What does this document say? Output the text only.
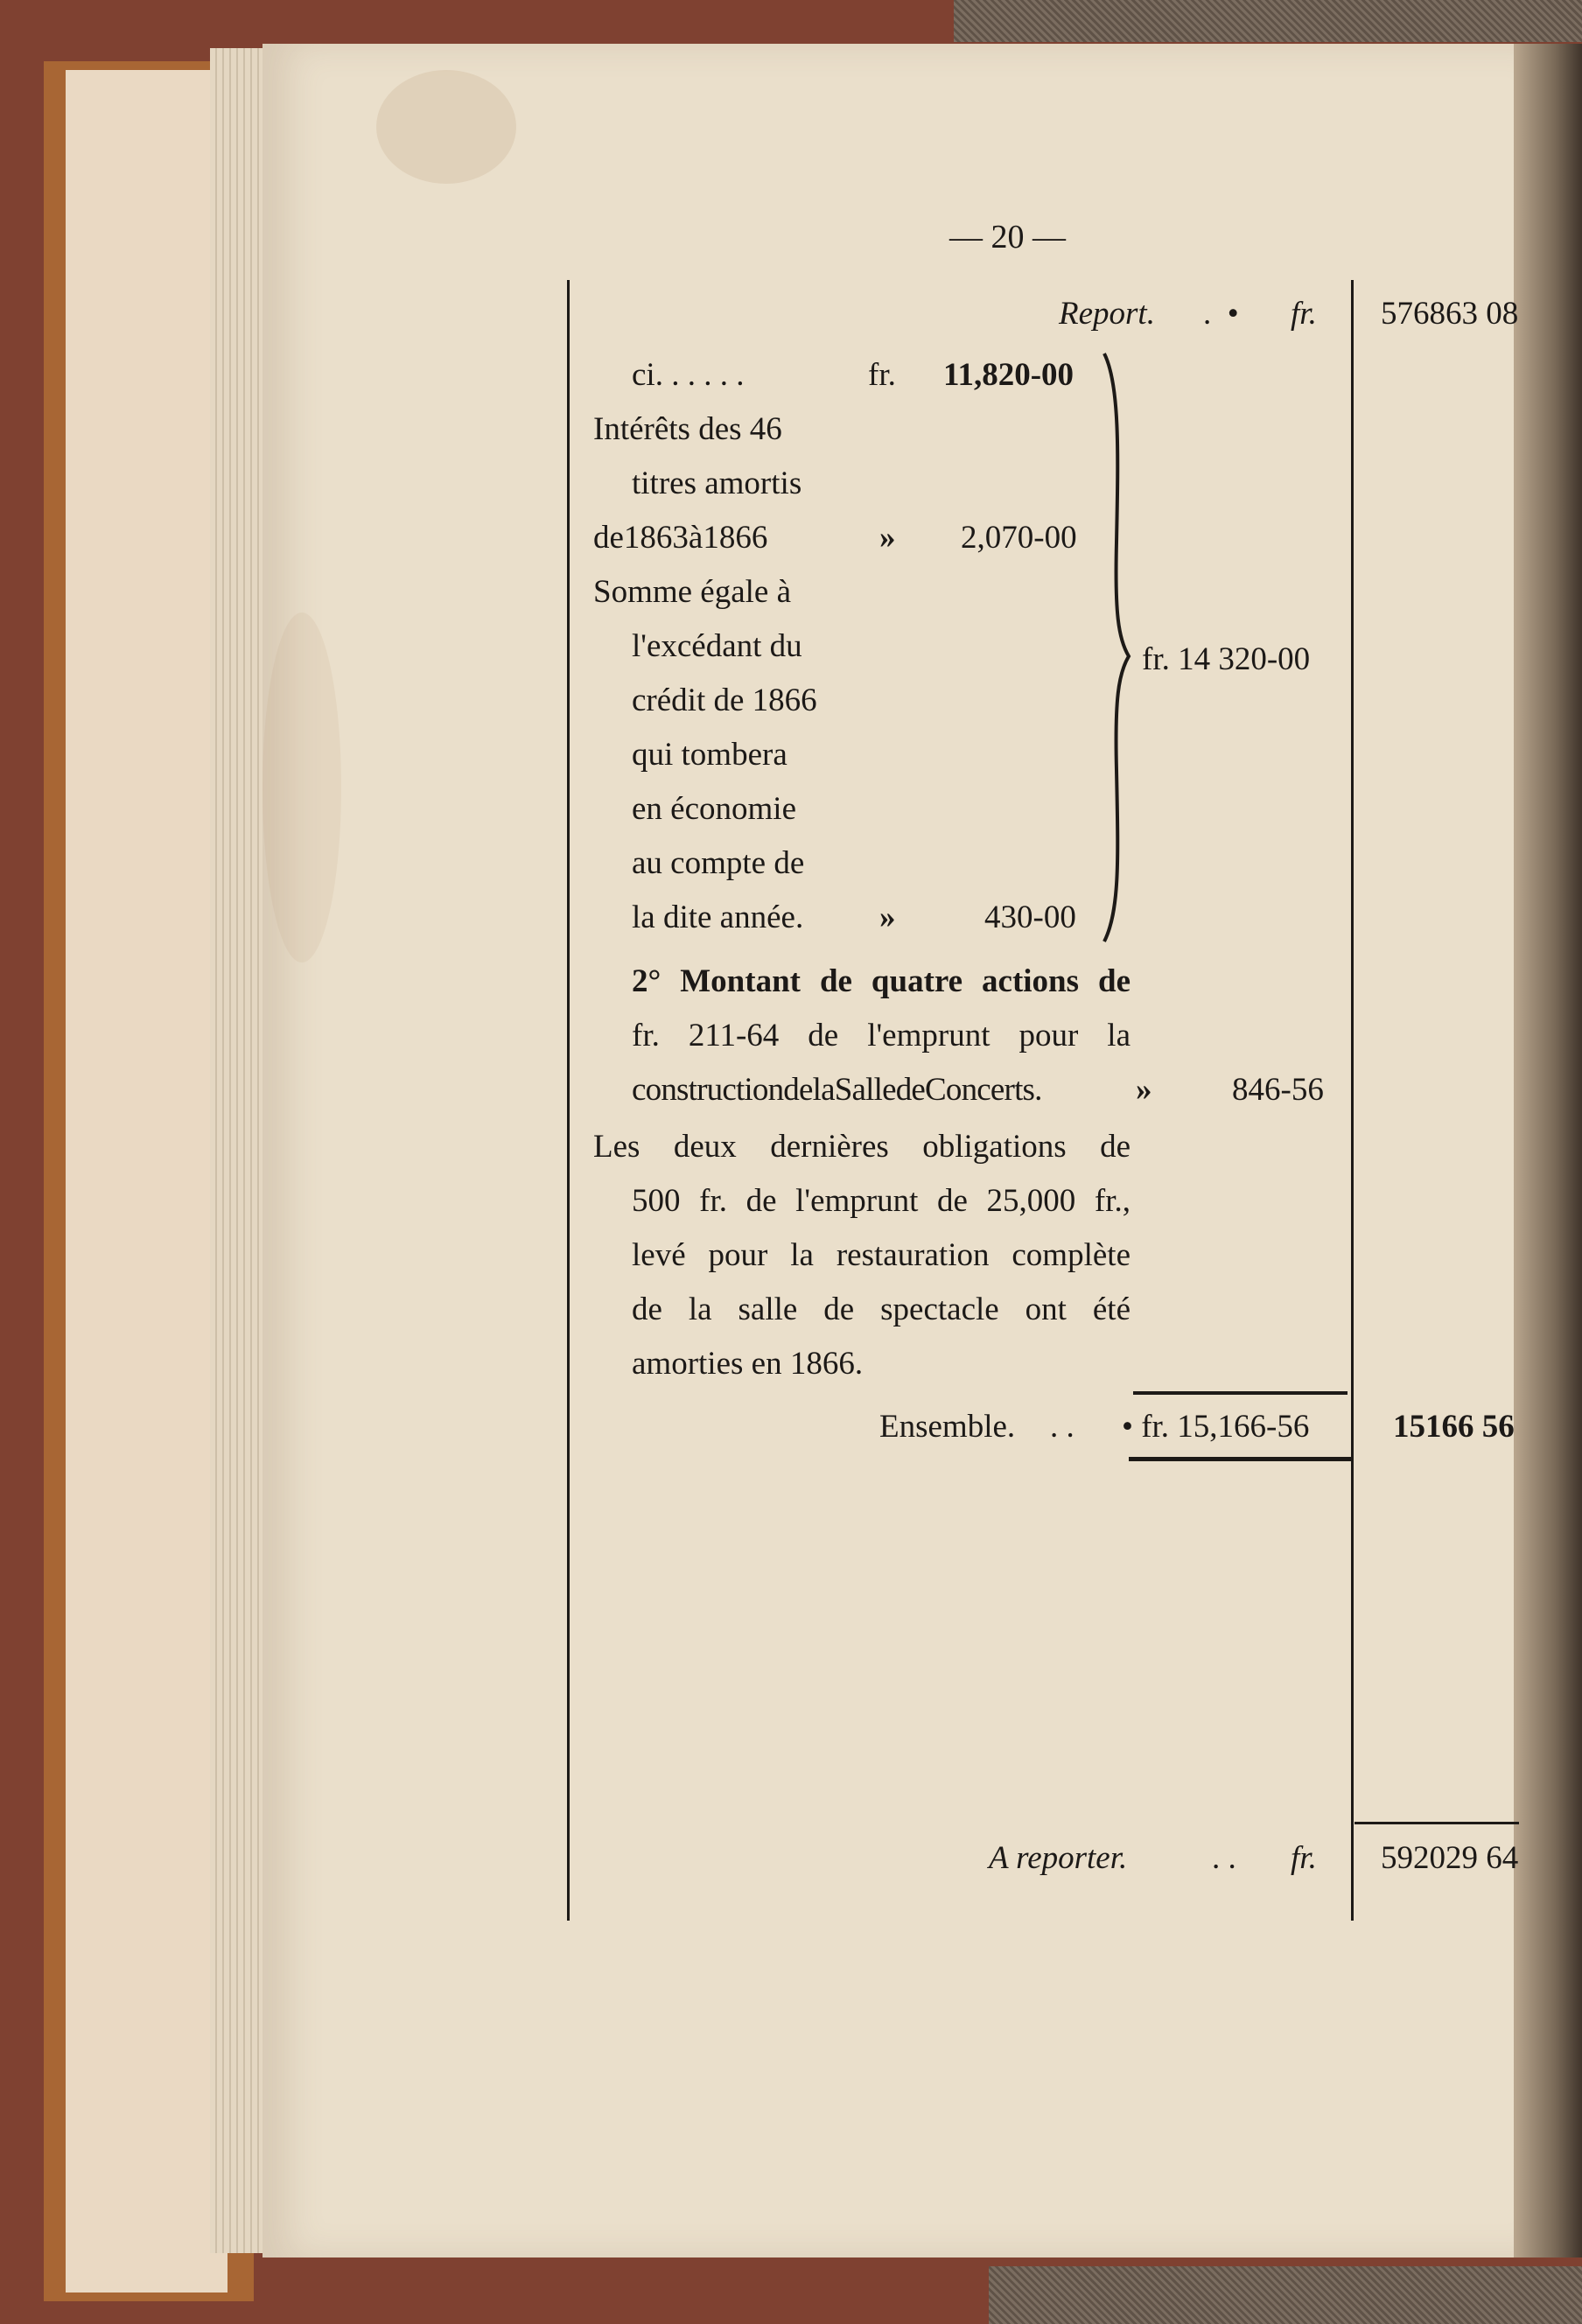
— 20 —
Report. .  • fr. 576863 08
ci. . . . . .	fr. 11,820-00
Intérêts des 46
titres amortis
de1863à1866	» 2,070-00
Somme égale à
l'excédant du
crédit de 1866
qui tombera
en économie
au compte de
la dite année. »	430-00
fr. 14 320-00
2° Montant de quatre actions de
fr. 211-64 de l'emprunt pour la
constructiondelaSalledeConcerts.	» 846-56
Les deux dernières obligations de
500 fr. de l'emprunt de 25,000 fr.,
levé pour la restauration complète
de la salle de spectacle ont été
amorties en 1866.
Ensemble. . . • fr. 15,166-56	15166 56
A reporter.	. . fr. 592029 64
